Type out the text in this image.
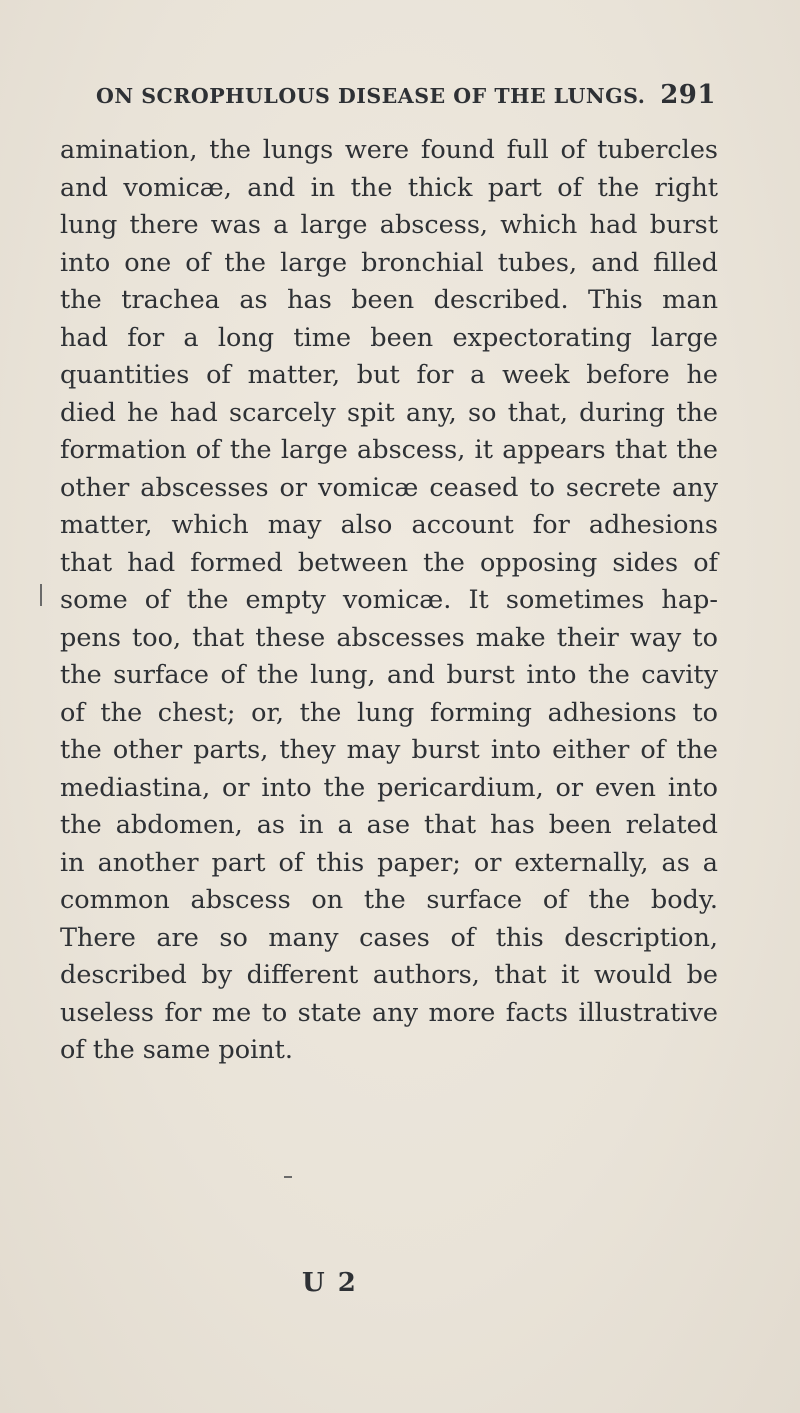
ON SCROPHULOUS DISEASE OF THE LUNGS. 291
amination, the lungs were found full of tubercles
and vomicæ, and in the thick part of the right
lung there was a large abscess, which had burst
into one of the large bronchial tubes, and filled
the trachea as has been described. This man
had for a long time been expectorating large
quantities of matter, but for a week before he
died he had scarcely spit any, so that, during the
formation of the large abscess, it appears that the
other abscesses or vomicæ ceased to secrete any
matter, which may also account for adhesions
that had formed between the opposing sides of
some of the empty vomicæ. It sometimes hap-
pens too, that these abscesses make their way to
the surface of the lung, and burst into the cavity
of the chest; or, the lung forming adhesions to
the other parts, they may burst into either of the
mediastina, or into the pericardium, or even into
the abdomen, as in a ase that has been related
in another part of this paper; or externally, as a
common abscess on the surface of the body.
There are so many cases of this description,
described by different authors, that it would be
useless for me to state any more facts illustrative
of the same point.
U 2
